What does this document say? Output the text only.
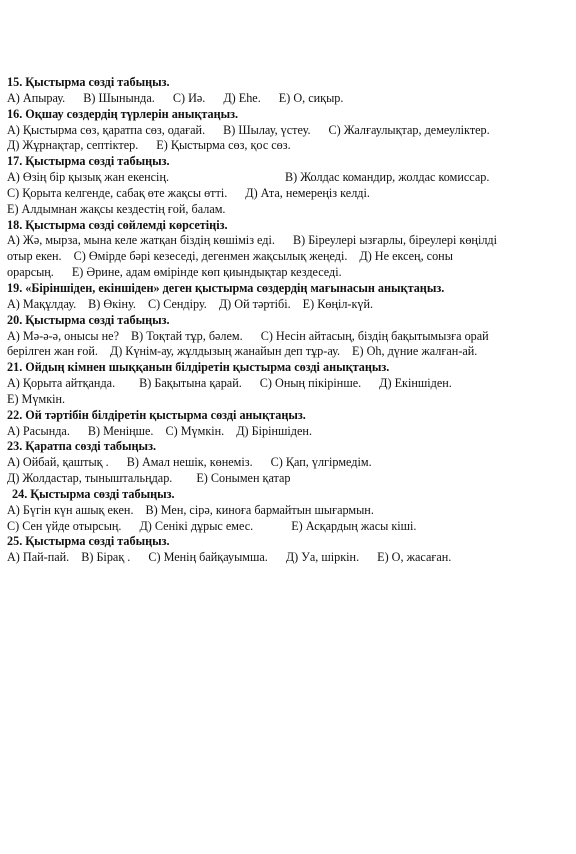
15. Қыстырма сөзді табыңыз.
A) Апырау. B) Шынында. C) Иә. Д) Еһе. E) О, сиқыр.
16. Оқшау сөздердің түрлерін анықтаңыз.
A) Қыстырма сөз, қаратпа сөз, одағай. B) Шылау, үстеу. C) Жалғаулықтар, демеуліктер.
Д) Жұрнақтар, септіктер. E) Қыстырма сөз, қос сөз.
17. Қыстырма сөзді табыңыз.
A) Өзің бір қызық жан екенсің.	B) Жолдас командир, жолдас комиссар.
C) Қорыта келгенде, сабақ өте жақсы өтті. Д) Ата, немереңіз келді.
E) Алдымнан жақсы кездестің ғой, балам.
18. Қыстырма сөзді сөйлемді көрсетіңіз.
A) Жә, мырза, мына келе жатқан біздің көшіміз еді. B) Біреулері ызғарлы, біреулері көңілді
отыр екен. C) Өмірде бәрі кезеседі, дегенмен жақсылық жеңеді. Д) Не ексең, соны
орарсың. E) Әрине, адам өмірінде көп қиындықтар кездеседі.
19. «Біріншіден, екіншіден» деген қыстырма сөздердің мағынасын анықтаңыз.
A) Мақұлдау. B) Өкіну. C) Сендіру. Д) Ой тәртібі. E) Көңіл-күй.
20. Қыстырма сөзді табыңыз.
A) Мә-ә-ә, онысы не? B) Тоқтай тұр, бәлем. C) Несін айтасың, біздің бақытымызға орай
берілген жан ғой. Д) Күнім-ау, жұлдызың жанайын деп тұр-ау. E) Оһ, дүние жалған-ай.
21. Ойдың кімнен шыққанын білдіретін қыстырма сөзді анықтаңыз.
A) Қорыта айтқанда. B) Бақытына қарай. C) Оның пікірінше. Д) Екіншіден.
E) Мүмкін.
22. Ой тәртібін білдіретін қыстырма сөзді анықтаңыз.
A) Расында. B) Меніңше. C) Мүмкін. Д) Біріншіден.
23. Қаратпа сөзді табыңыз.
A) Ойбай, қаштық . B) Амал нешік, көнеміз. C) Қап, үлгірмедім.
Д) Жолдастар, тыныштальңдар. E) Сонымен қатар
24. Қыстырма сөзді табыңыз.
A) Бүгін күн ашық екен. B) Мен, сірә, киноға бармайтын шығармын.
C) Сен үйде отырсың. Д) Сенікі дұрыс емес.	E) Асқардың жасы кіші.
25. Қыстырма сөзді табыңыз.
A) Пай-пай. B) Бірақ . C) Менің байқауымша. Д) Уа, шіркін. E) О, жасаған.
